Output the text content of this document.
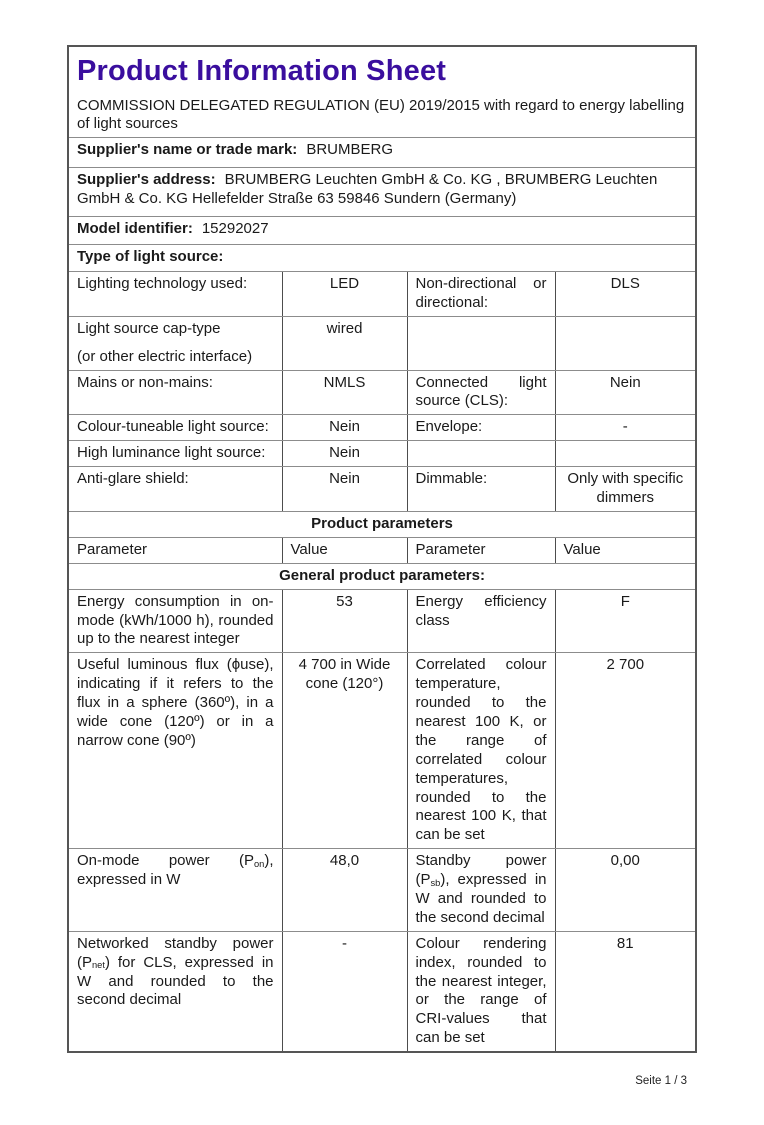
Product Information Sheet
COMMISSION DELEGATED REGULATION (EU) 2019/2015 with regard to energy labelling of light sources			

Supplier's name or trade mark: BRUMBERG			
Supplier's address: BRUMBERG Leuchten GmbH & Co. KG , BRUMBERG Leuchten GmbH & Co. KG Hellefelder Straße 63 59846 Sundern (Germany)			
Model identifier: 15292027			
Type of light source:			
Lighting technology used:	LED	Non-directional or directional:	DLS

Light source cap-type
(or other electric interface)	wired		
Mains or non-mains:	NMLS	Connected light source (CLS):	Nein
Colour-tuneable light source:	Nein	Envelope:	-
High luminance light source:	Nein		
Anti-glare shield:	Nein	Dimmable:	Only with specific dimmers
Product parameters			
Parameter	Value	Parameter	Value
General product parameters:			
Energy consumption in on-mode (kWh/1000 h), rounded up to the nearest integer	53	Energy efficiency class	F
Useful luminous flux (ϕuse), indicating if it refers to the flux in a sphere (360º), in a wide cone (120º) or in a narrow cone (90º)	4 700 in Wide cone (120°)	Correlated colour temperature, rounded to the nearest 100 K, or the range of correlated colour temperatures, rounded to the nearest 100 K, that can be set	2 700
On-mode power $(P_{on})$, expressed in W	48,0	Standby power $(P_{sb})$, expressed in W and rounded to the second decimal	0,00
Networked standby power $(P_{net})$ for CLS, expressed in W and rounded to the second decimal	-	Colour rendering index, rounded to the nearest integer, or the range of CRI-values that can be set	81
Seite 1 / 3
